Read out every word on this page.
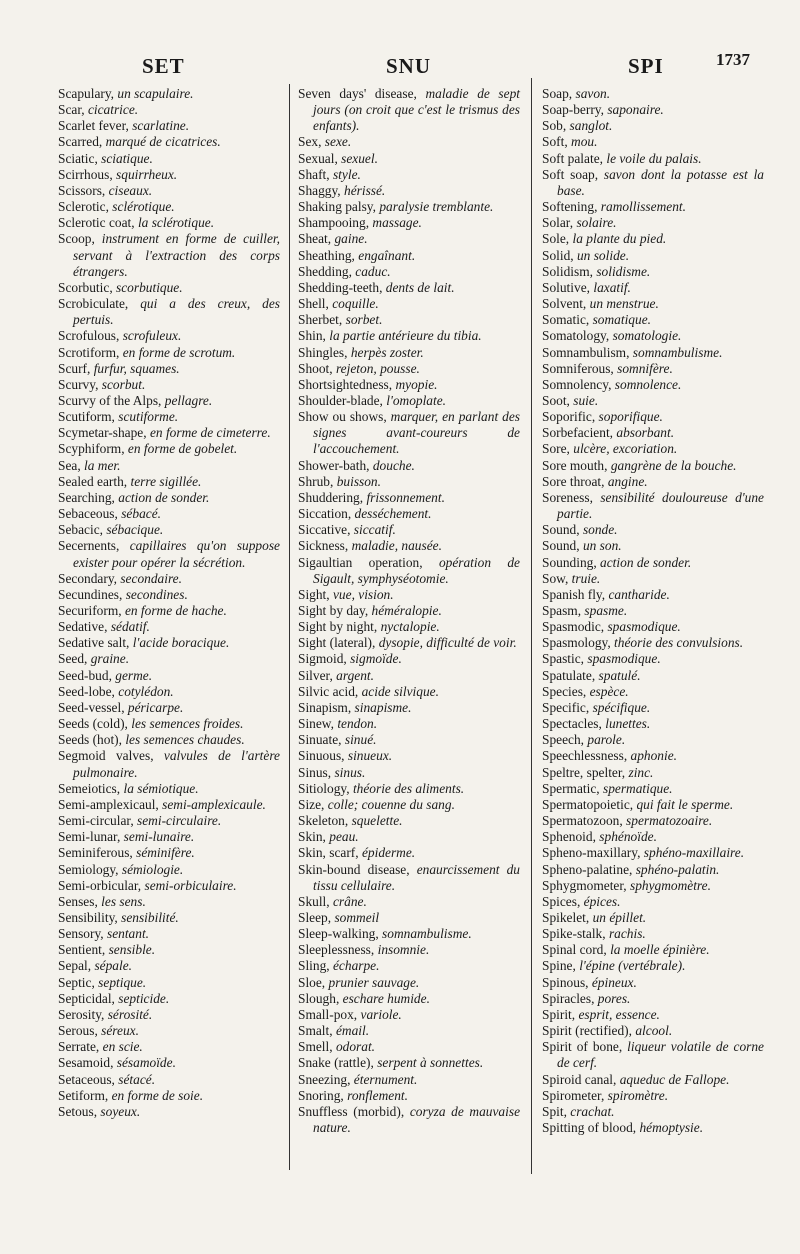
SET	SNU	SPI	1737
Scapulary, un scapulaire.
Scar, cicatrice.
Scarlet fever, scarlatine.
Scarred, marqué de cicatrices.
Sciatic, sciatique.
Scirrhous, squirrheux.
Scissors, ciseaux.
Sclerotic, sclérotique.
Sclerotic coat, la sclérotique.
Scoop, instrument en forme de cuiller, servant à l'extraction des corps étrangers.
Scorbutic, scorbutique.
Scrobiculate, qui a des creux, des pertuis.
Scrofulous, scrofuleux.
Scrotiform, en forme de scrotum.
Scurf, furfur, squames.
Scurvy, scorbut.
Scurvy of the Alps, pellagre.
Scutiform, scutiforme.
Scymetar-shape, en forme de cimeterre.
Scyphiform, en forme de gobelet.
Sea, la mer.
Sealed earth, terre sigillée.
Searching, action de sonder.
Sebaceous, sébacé.
Sebacic, sébacique.
Secernents, capillaires qu'on suppose exister pour opérer la sécrétion.
Secondary, secondaire.
Secundines, secondines.
Securiform, en forme de hache.
Sedative, sédatif.
Sedative salt, l'acide boracique.
Seed, graine.
Seed-bud, germe.
Seed-lobe, cotylédon.
Seed-vessel, péricarpe.
Seeds (cold), les semences froides.
Seeds (hot), les semences chaudes.
Segmoid valves, valvules de l'artère pulmonaire.
Semeiotics, la sémiotique.
Semi-amplexicaul, semi-amplexicaule.
Semi-circular, semi-circulaire.
Semi-lunar, semi-lunaire.
Seminiferous, séminifère.
Semiology, sémiologie.
Semi-orbicular, semi-orbiculaire.
Senses, les sens.
Sensibility, sensibilité.
Sensory, sentant.
Sentient, sensible.
Sepal, sépale.
Septic, septique.
Septicidal, septicide.
Serosity, sérosité.
Serous, séreux.
Serrate, en scie.
Sesamoid, sésamoïde.
Setaceous, sétacé.
Setiform, en forme de soie.
Setous, soyeux.
Seven days' disease, maladie de sept jours (on croit que c'est le trismus des enfants).
Sex, sexe.
Sexual, sexuel.
Shaft, style.
Shaggy, hérissé.
Shaking palsy, paralysie tremblante.
Shampooing, massage.
Sheat, gaine.
Sheathing, engaînant.
Shedding, caduc.
Shedding-teeth, dents de lait.
Shell, coquille.
Sherbet, sorbet.
Shin, la partie antérieure du tibia.
Shingles, herpès zoster.
Shoot, rejeton, pousse.
Shortsightedness, myopie.
Shoulder-blade, l'omoplate.
Show ou shows, marquer, en parlant des signes avant-coureurs de l'accouchement.
Shower-bath, douche.
Shrub, buisson.
Shuddering, frissonnement.
Siccation, desséchement.
Siccative, siccatif.
Sickness, maladie, nausée.
Sigaultian operation, opération de Sigault, symphyséotomie.
Sight, vue, vision.
Sight by day, héméralopie.
Sight by night, nyctalopie.
Sight (lateral), dysopie, difficulté de voir.
Sigmoid, sigmoïde.
Silver, argent.
Silvic acid, acide silvique.
Sinapism, sinapisme.
Sinew, tendon.
Sinuate, sinué.
Sinuous, sinueux.
Sinus, sinus.
Sitiology, théorie des aliments.
Size, colle; couenne du sang.
Skeleton, squelette.
Skin, peau.
Skin, scarf, épiderme.
Skin-bound disease, enaurcissement du tissu cellulaire.
Skull, crâne.
Sleep, sommeil
Sleep-walking, somnambulisme.
Sleeplessness, insomnie.
Sling, écharpe.
Sloe, prunier sauvage.
Slough, eschare humide.
Small-pox, variole.
Smalt, émail.
Smell, odorat.
Snake (rattle), serpent à sonnettes.
Sneezing, éternument.
Snoring, ronflement.
Snuffless (morbid), coryza de mauvaise nature.
Soap, savon.
Soap-berry, saponaire.
Sob, sanglot.
Soft, mou.
Soft palate, le voile du palais.
Soft soap, savon dont la potasse est la base.
Softening, ramollissement.
Solar, solaire.
Sole, la plante du pied.
Solid, un solide.
Solidism, solidisme.
Solutive, laxatif.
Solvent, un menstrue.
Somatic, somatique.
Somatology, somatologie.
Somnambulism, somnambulisme.
Somniferous, somnifère.
Somnolency, somnolence.
Soot, suie.
Soporific, soporifique.
Sorbefacient, absorbant.
Sore, ulcère, excoriation.
Sore mouth, gangrène de la bouche.
Sore throat, angine.
Soreness, sensibilité douloureuse d'une partie.
Sound, sonde.
Sound, un son.
Sounding, action de sonder.
Sow, truie.
Spanish fly, cantharide.
Spasm, spasme.
Spasmodic, spasmodique.
Spasmology, théorie des convulsions.
Spastic, spasmodique.
Spatulate, spatulé.
Species, espèce.
Specific, spécifique.
Spectacles, lunettes.
Speech, parole.
Speechlessness, aphonie.
Speltre, spelter, zinc.
Spermatic, spermatique.
Spermatopoietic, qui fait le sperme.
Spermatozoon, spermatozoaire.
Sphenoid, sphénoïde.
Spheno-maxillary, sphéno-maxillaire.
Spheno-palatine, sphéno-palatin.
Sphygmometer, sphygmomètre.
Spices, épices.
Spikelet, un épillet.
Spike-stalk, rachis.
Spinal cord, la moelle épinière.
Spine, l'épine (vertébrale).
Spinous, épineux.
Spiracles, pores.
Spirit, esprit, essence.
Spirit (rectified), alcool.
Spirit of bone, liqueur volatile de corne de cerf.
Spiroid canal, aqueduc de Fallope.
Spirometer, spiromètre.
Spit, crachat.
Spitting of blood, hémoptysie.
